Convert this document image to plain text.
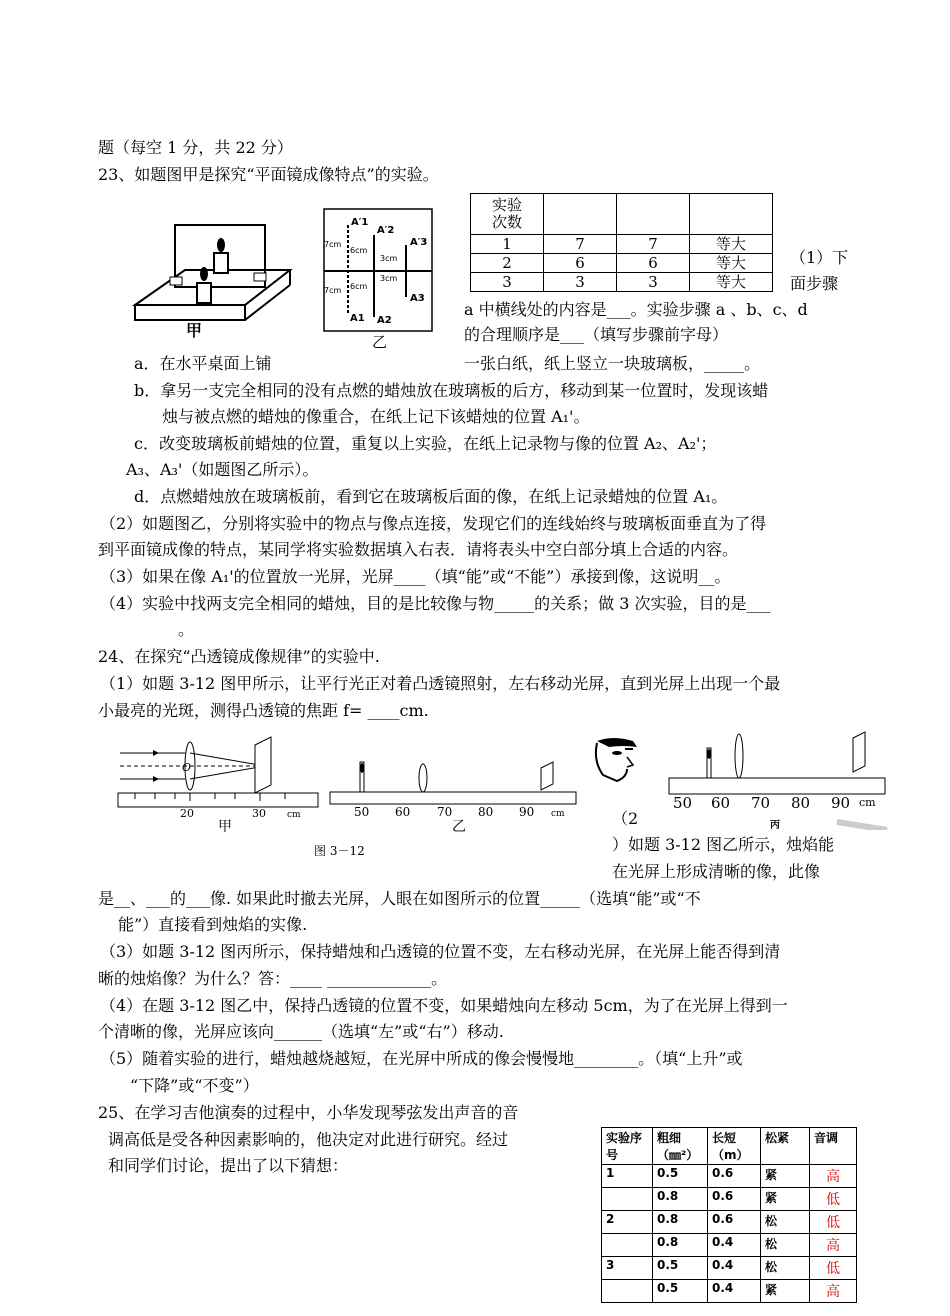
题（每空 1 分，共 22 分）
23、如题图甲是探究“平面镜成像特点”的实验。
甲
A′1
A′2
A′3
7cm
6cm
3cm
3cm
6cm
7cm
A1 A2
A3
乙
实验
次数			
1	7	7	等大
2	6	6	等大
3	3	3	等大
（1）下
面步骤
a 中横线处的内容是___。实验步骤 a 、b、c、d
的合理顺序是___（填写步骤前字母）
a．在水平桌面上铺	一张白纸，纸上竖立一块玻璃板，_____。
b．拿另一支完全相同的没有点燃的蜡烛放在玻璃板的后方，移动到某一位置时，发现该蜡
烛与被点燃的蜡烛的像重合，在纸上记下该蜡烛的位置 A₁'。
c．改变玻璃板前蜡烛的位置，重复以上实验，在纸上记录物与像的位置 A₂、A₂'；
A₃、A₃'（如题图乙所示）。
d．点燃蜡烛放在玻璃板前，看到它在玻璃板后面的像，在纸上记录蜡烛的位置 A₁。
（2）如题图乙，分别将实验中的物点与像点连接，发现它们的连线始终与玻璃板面垂直为了得
到平面镜成像的特点，某同学将实验数据填入右表．请将表头中空白部分填上合适的内容。
（3）如果在像 A₁'的位置放一光屏，光屏____（填“能”或“不能”）承接到像，这说明__。
（4）实验中找两支完全相同的蜡烛，目的是比较像与物_____的关系；做 3 次实验，目的是___
。
24、在探究“凸透镜成像规律”的实验中.
（1）如题 3-12 图甲所示，让平行光正对着凸透镜照射，左右移动光屏，直到光屏上出现一个最
小最亮的光斑，测得凸透镜的焦距 f= ____cm.
O
20	30 cm
甲
50 60 70 80 90 cm
乙
图 3－12
50 60 70 80 90 cm
丙
（2
）如题 3-12 图乙所示，烛焰能
在光屏上形成清晰的像，此像
是__、___的___像. 如果此时撤去光屏，人眼在如图所示的位置_____（选填“能”或“不
能”）直接看到烛焰的实像.
（3）如题 3-12 图丙所示，保持蜡烛和凸透镜的位置不变，左右移动光屏，在光屏上能否得到清
晰的烛焰像？为什么？答：____ _____________。
（4）在题 3-12 图乙中，保持凸透镜的位置不变，如果蜡烛向左移动 5cm，为了在光屏上得到一
个清晰的像，光屏应该向______（选填“左”或“右”）移动.
（5）随着实验的进行，蜡烛越烧越短，在光屏中所成的像会慢慢地________。（填“上升”或
“下降”或“不变”）
25、在学习吉他演奏的过程中，小华发现琴弦发出声音的音
调高低是受各种因素影响的，他决定对此进行研究。经过
和同学们讨论，提出了以下猜想：
实验序
号	粗细
（㎜²）	长短
（m）	松紧	音调
1	0.5	0.6	紧	高
	0.8	0.6	紧	低
2	0.8	0.6	松	低
	0.8	0.4	松	高
3	0.5	0.4	松	低
	0.5	0.4	紧	高
